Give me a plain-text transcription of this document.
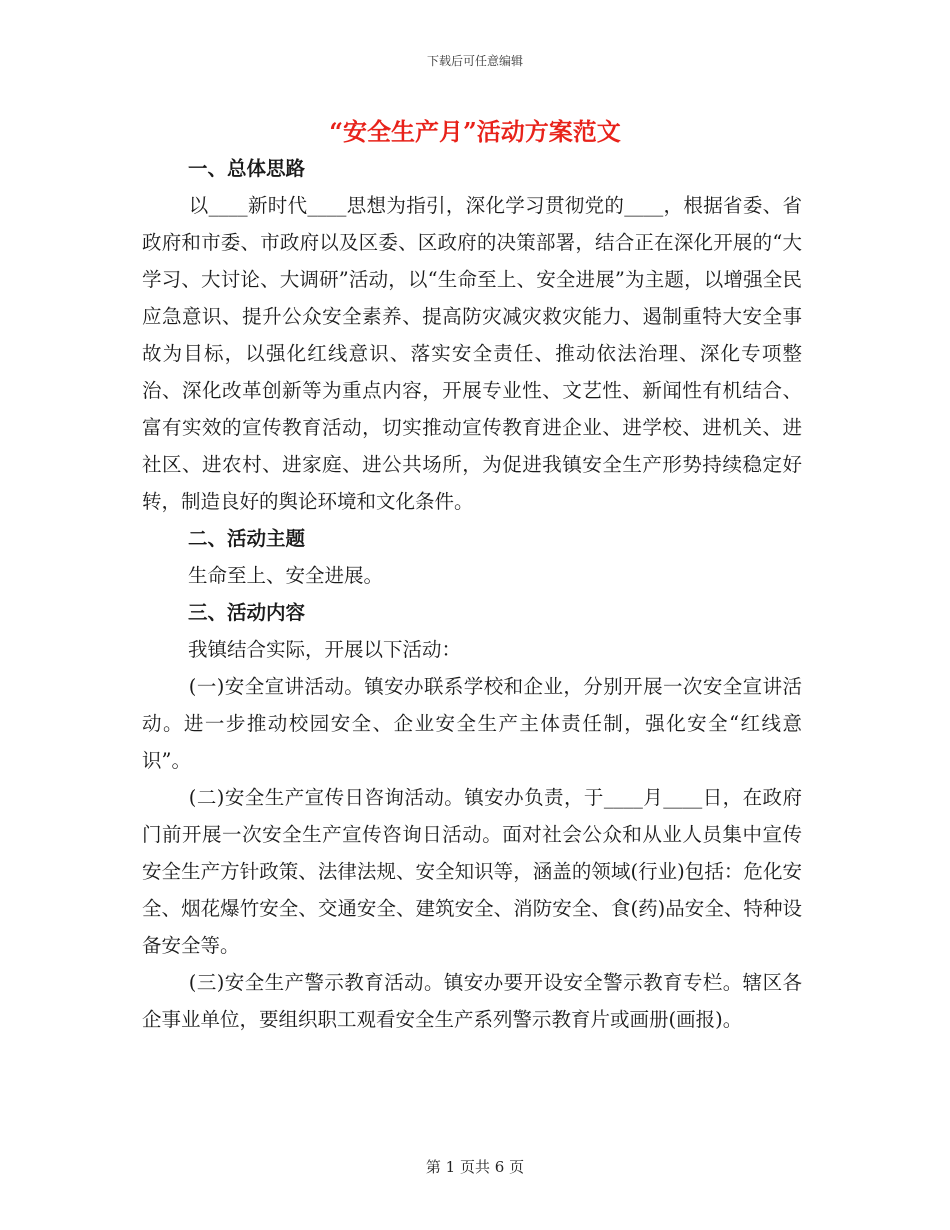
下载后可任意编辑
“安全生产月”活动方案范文

一、总体思路

以____新时代____思想为指引，深化学习贯彻党的____，根据省委、省政府和市委、市政府以及区委、区政府的决策部署，结合正在深化开展的“大学习、大讨论、大调研”活动，以“生命至上、安全进展”为主题，以增强全民应急意识、提升公众安全素养、提高防灾减灾救灾能力、遏制重特大安全事故为目标，以强化红线意识、落实安全责任、推动依法治理、深化专项整治、深化改革创新等为重点内容，开展专业性、文艺性、新闻性有机结合、富有实效的宣传教育活动，切实推动宣传教育进企业、进学校、进机关、进社区、进农村、进家庭、进公共场所，为促进我镇安全生产形势持续稳定好转，制造良好的舆论环境和文化条件。

二、活动主题

生命至上、安全进展。

三、活动内容

我镇结合实际，开展以下活动：

(一)安全宣讲活动。镇安办联系学校和企业，分别开展一次安全宣讲活动。进一步推动校园安全、企业安全生产主体责任制，强化安全“红线意识”。

(二)安全生产宣传日咨询活动。镇安办负责，于____月____日，在政府门前开展一次安全生产宣传咨询日活动。面对社会公众和从业人员集中宣传安全生产方针政策、法律法规、安全知识等，涵盖的领域(行业)包括：危化安全、烟花爆竹安全、交通安全、建筑安全、消防安全、食(药)品安全、特种设备安全等。

(三)安全生产警示教育活动。镇安办要开设安全警示教育专栏。辖区各企事业单位，要组织职工观看安全生产系列警示教育片或画册(画报)。

第 1 页共 6 页
